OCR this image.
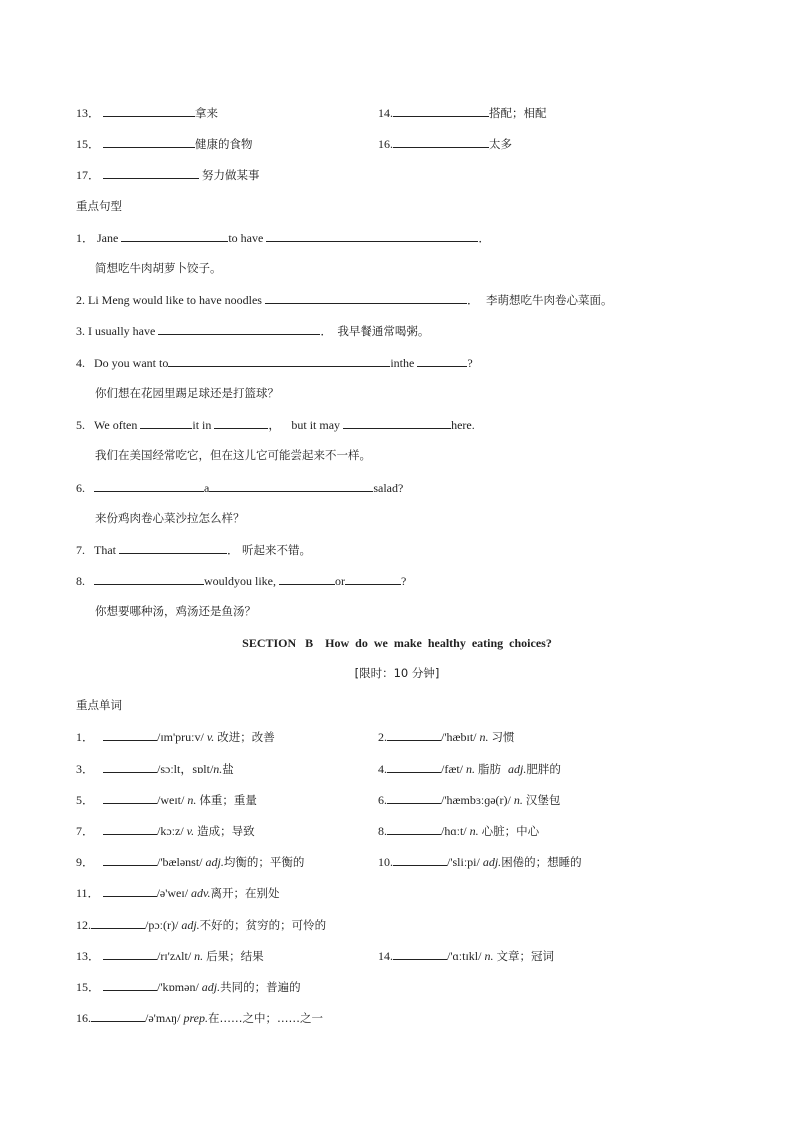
13．	拿来	14.	搭配；相配
15．	健康的食物	16.	太多
17．	努力做某事
重点句型
1． Jane	to have	．
简想吃牛肉胡萝卜饺子。
2. Li Meng would like to have noodles	． 李萌想吃牛肉卷心菜面。
3. I usually have	． 我早餐通常喝粥。
4. Do you want to	inthe	?
你们想在花园里踢足球还是打篮球？
5. We often	it in	， but it may	here.
我们在美国经常吃它，但在这儿它可能尝起来不一样。
6.	a	salad?
来份鸡肉卷心菜沙拉怎么样？
7. That	． 听起来不错。
8.	wouldyou like,	or	?
你想要哪种汤，鸡汤还是鱼汤？
SECTION   B    How  do  we  make  healthy  eating  choices?
[限时：10 分钟]
重点单词
1．	/ɪm'pruːv/ v. 改进；改善	2.	/'hæbɪt/ n. 习惯
3．	/sɔːlt，sɒlt/n.盐	4.	/fæt/ n. 脂肪 adj.肥胖的
5．	/weɪt/ n. 体重；重量	6.	/'hæmbɜːɡə(r)/ n. 汉堡包
7．	/kɔːz/ v. 造成；导致	8.	/hɑːt/ n. 心脏；中心
9．	/'bælənst/ adj.均衡的；平衡的	10.	/'sliːpi/ adj.困倦的；想睡的
11．	/ə'weɪ/ adv.离开；在别处
12.	/pɔː(r)/ adj.不好的；贫穷的；可怜的
13．	/rɪ'zʌlt/ n. 后果；结果	14.	/'ɑːtɪkl/ n. 文章；冠词
15．	/'kɒmən/ adj.共同的；普遍的
16.	/ə'mʌŋ/ prep.在……之中；……之一
